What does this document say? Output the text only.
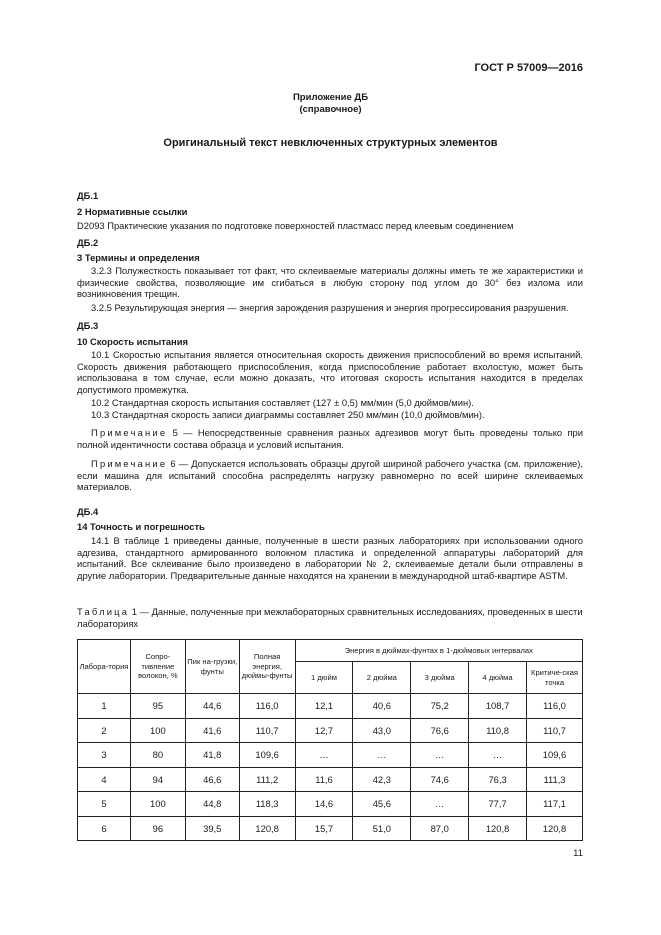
ГОСТ Р 57009—2016
Приложение ДБ
(справочное)
Оригинальный текст невключенных структурных элементов
ДБ.1
2 Нормативные ссылки
D2093 Практические указания по подготовке поверхностей пластмасс перед клеевым соединением
ДБ.2
3 Термины и определения
3.2.3 Полужесткость показывает тот факт, что склеиваемые материалы должны иметь те же характеристики и физические свойства, позволяющие им сгибаться в любую сторону под углом до 30° без излома или возникновения трещин.
3.2.5 Результирующая энергия — энергия зарождения разрушения и энергия прогрессирования разрушения.
ДБ.3
10 Скорость испытания
10.1 Скоростью испытания является относительная скорость движения приспособлений во время испытаний. Скорость движения работающего приспособления, когда приспособление работает вхолостую, может быть использована в том случае, если можно доказать, что итоговая скорость испытания находится в пределах допустимого промежутка.
10.2 Стандартная скорость испытания составляет (127 ± 0,5) мм/мин (5,0 дюймов/мин).
10.3 Стандартная скорость записи диаграммы составляет 250 мм/мин (10,0 дюймов/мин).
Примечание 5 — Непосредственные сравнения разных адгезивов могут быть проведены только при полной идентичности состава образца и условий испытания.
Примечание 6 — Допускается использовать образцы другой шириной рабочего участка (см. приложение), если машина для испытаний способна распределять нагрузку равномерно по всей ширине склеиваемых материалов.
ДБ.4
14 Точность и погрешность
14.1 В таблице 1 приведены данные, полученные в шести разных лабораториях при использовании одного адгезива, стандартного армированного волокном пластика и определенной аппаратуры лабораторий для испытаний. Все склеивание было произведено в лаборатории № 2, склеиваемые детали были отправлены в другие лаборатории. Предварительные данные находятся на хранении в международной штаб-квартире ASTM.
Таблица 1 — Данные, полученные при межлабораторных сравнительных исследованиях, проведенных в шести лабораториях
Лабора-тория	Сопро-тивление волокон, %	Пик на-грузки, фунты	Полная энергия, дюймы-фунты	Энергия в дюймах-фунтах в 1-дюймовых интервалах				
				1 дюйм	2 дюйма	3 дюйма	4 дюйма	Критиче-ская точка
1	95	44,6	116,0	12,1	40,6	75,2	108,7	116,0
2	100	41,6	110,7	12,7	43,0	76,6	110,8	110,7
3	80	41,8	109,6	…	…	…	…	109,6
4	94	46,6	111,2	11,6	42,3	74,6	76,3	111,3
5	100	44,8	118,3	14,6	45,6	…	77,7	117,1
6	96	39,5	120,8	15,7	51,0	87,0	120,8	120,8
11
